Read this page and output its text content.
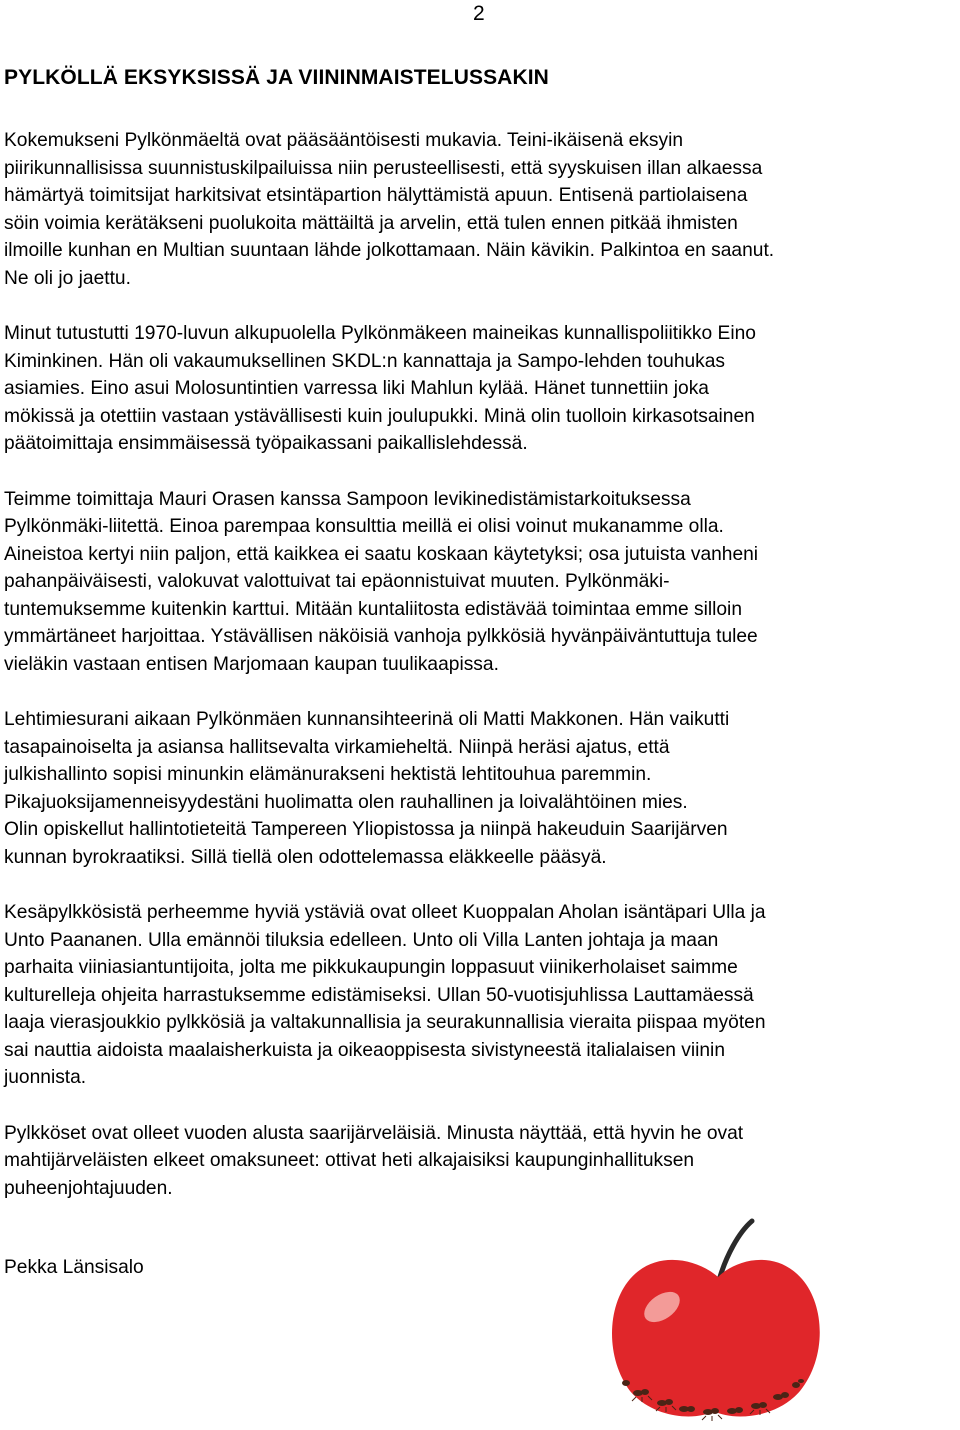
2
PYLKÖLLÄ EKSYKSISSÄ JA VIININMAISTELUSSAKIN

Kokemukseni Pylkönmäeltä ovat pääsääntöisesti mukavia. Teini-ikäisenä eksyin
piirikunnallisissa suunnistuskilpailuissa niin perusteellisesti, että syyskuisen illan alkaessa
hämärtyä toimitsijat harkitsivat etsintäpartion hälyttämistä apuun. Entisenä partiolaisena
söin voimia kerätäkseni puolukoita mättäiltä ja arvelin, että tulen ennen pitkää ihmisten
ilmoille kunhan en Multian suuntaan lähde jolkottamaan. Näin kävikin. Palkintoa en saanut.
Ne oli jo jaettu.

Minut tutustutti 1970-luvun alkupuolella Pylkönmäkeen maineikas kunnallispoliitikko Eino
Kiminkinen. Hän oli vakaumuksellinen SKDL:n kannattaja ja Sampo-lehden touhukas
asiamies. Eino asui Molosuntintien varressa liki Mahlun kylää. Hänet tunnettiin joka
mökissä ja otettiin vastaan ystävällisesti kuin joulupukki. Minä olin tuolloin kirkasotsainen
päätoimittaja ensimmäisessä työpaikassani paikallislehdessä.

Teimme toimittaja Mauri Orasen kanssa Sampoon levikinedistämistarkoituksessa
Pylkönmäki-liitettä. Einoa parempaa konsulttia meillä ei olisi voinut mukanamme olla.
Aineistoa kertyi niin paljon, että kaikkea ei saatu koskaan käytetyksi; osa jutuista vanheni
pahanpäiväisesti, valokuvat valottuivat tai epäonnistuivat muuten. Pylkönmäki-
tuntemuksemme kuitenkin karttui. Mitään kuntaliitosta edistävää toimintaa emme silloin
ymmärtäneet harjoittaa. Ystävällisen näköisiä vanhoja pylkkösiä hyvänpäiväntuttuja tulee
vieläkin vastaan entisen Marjomaan kaupan tuulikaapissa.

Lehtimiesurani aikaan Pylkönmäen kunnansihteerinä oli Matti Makkonen. Hän vaikutti
tasapainoiselta ja asiansa hallitsevalta virkamieheltä. Niinpä heräsi ajatus, että
julkishallinto sopisi minunkin elämänurakseni hektistä lehtitouhua paremmin.
Pikajuoksijamenneisyydestäni huolimatta olen rauhallinen ja loivalähtöinen mies.
Olin opiskellut hallintotieteitä Tampereen Yliopistossa ja niinpä hakeuduin Saarijärven
kunnan byrokraatiksi. Sillä tiellä olen odottelemassa eläkkeelle pääsyä.

Kesäpylkkösistä perheemme hyviä ystäviä ovat olleet Kuoppalan Aholan isäntäpari Ulla ja
Unto Paananen. Ulla emännöi tiluksia edelleen. Unto oli Villa Lanten johtaja ja maan
parhaita viiniasiantuntijoita, jolta me pikkukaupungin loppasuut viinikerholaiset saimme
kulturelleja ohjeita harrastuksemme edistämiseksi. Ullan 50-vuotisjuhlissa Lauttamäessä
laaja vierasjoukkio pylkkösiä ja valtakunnallisia ja seurakunnallisia vieraita piispaa myöten
sai nauttia aidoista maalaisherkuista ja oikeaoppisesta sivistyneestä italialaisen viinin
juonnista.

Pylkköset ovat olleet vuoden alusta saarijärveläisiä. Minusta näyttää, että hyvin he ovat
mahtijärveläisten elkeet omaksuneet: ottivat heti alkajaisiksi kaupunginhallituksen
puheenjohtajuuden.

Pekka Länsisalo
